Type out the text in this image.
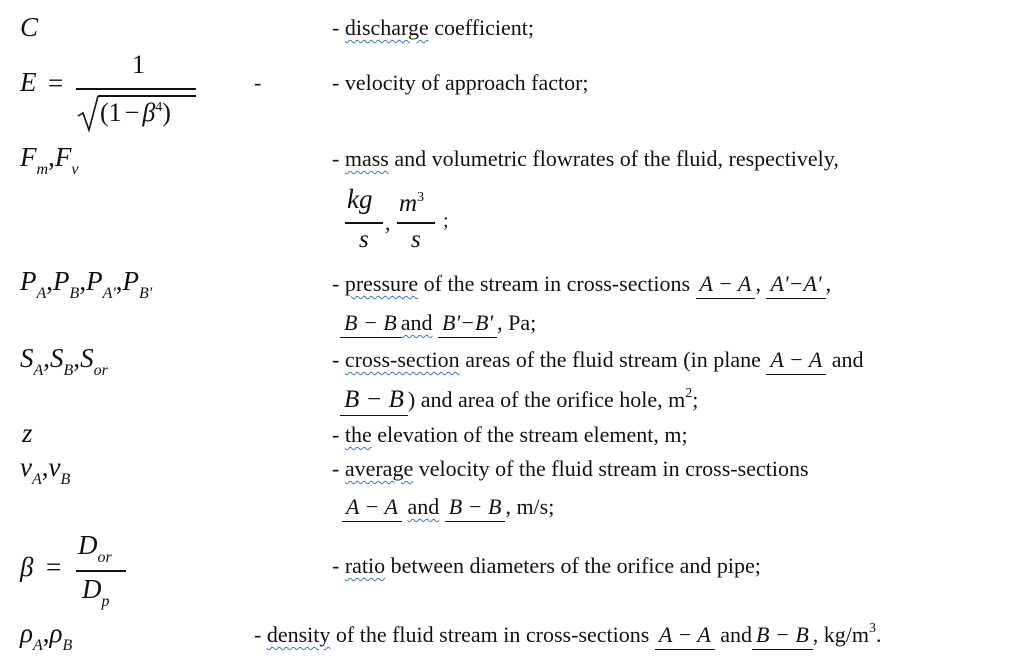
C	- discharge coefficient;
E =
1
$(1 - \beta^4)$
-	- velocity of approach factor;
$F_m,F_v$	- mass and volumetric flowrates of the fluid, respectively,
kg
s
,
$m^3$
s
;
$P_A,P_B,P_{A'},P_{B'}$	- pressure of the stream in cross-sections A − A , A'−A' ,
B − B and B'−B' , Pa;
$S_A,S_B,S_{or}$	- cross-section areas of the fluid stream (in plane A − A and
B − B ) and area of the orifice hole, $m^2$;
z	- the elevation of the stream element, m;
$v_A,v_B$	- average velocity of the fluid stream in cross-sections
A − A and B − B , m/s;
β =
$D_{or}$
$D_p$
- ratio between diameters of the orifice and pipe;
$\rho_A,\rho_B$	- density of the fluid stream in cross-sections A − A and B − B , $kg/m^3$.
